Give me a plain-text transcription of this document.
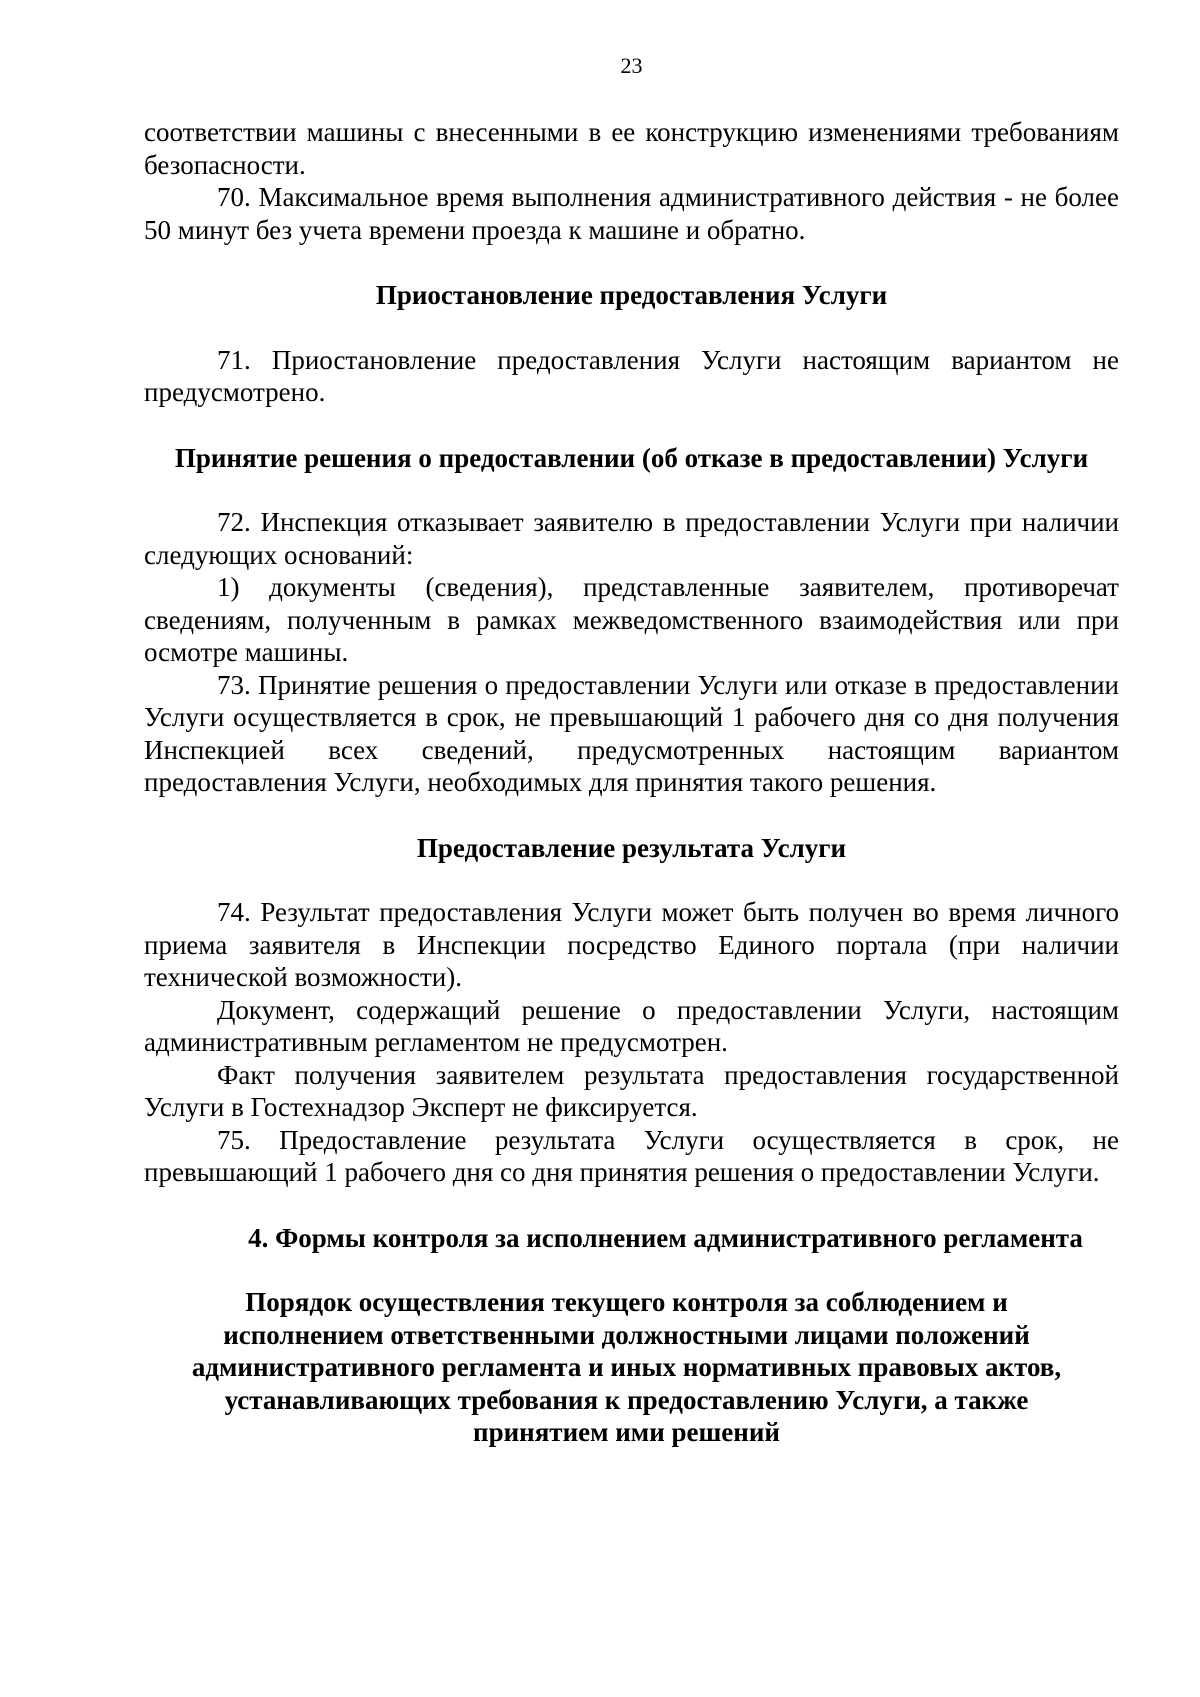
23

соответствии машины с внесенными в ее конструкцию изменениями требованиям безопасности.

70. Максимальное время выполнения административного действия - не более 50 минут без учета времени проезда к машине и обратно.

Приостановление предоставления Услуги

71. Приостановление предоставления Услуги настоящим вариантом не предусмотрено.

Принятие решения о предоставлении (об отказе в предоставлении) Услуги

72. Инспекция отказывает заявителю в предоставлении Услуги при наличии следующих оснований:

1) документы (сведения), представленные заявителем, противоречат сведениям, полученным в рамках межведомственного взаимодействия или при осмотре машины.

73. Принятие решения о предоставлении Услуги или отказе в предоставлении Услуги осуществляется в срок, не превышающий 1 рабочего дня со дня получения Инспекцией всех сведений, предусмотренных настоящим вариантом предоставления Услуги, необходимых для принятия такого решения.

Предоставление результата Услуги

74. Результат предоставления Услуги может быть получен во время личного приема заявителя в Инспекции посредство Единого портала (при наличии технической возможности).

Документ, содержащий решение о предоставлении Услуги, настоящим административным регламентом не предусмотрен.

Факт получения заявителем результата предоставления государственной Услуги в Гостехнадзор Эксперт не фиксируется.

75. Предоставление результата Услуги осуществляется в срок, не превышающий 1 рабочего дня со дня принятия решения о предоставлении Услуги.

4. Формы контроля за исполнением административного регламента
Порядок осуществления текущего контроля за соблюдением и исполнением ответственными должностными лицами положений административного регламента и иных нормативных правовых актов, устанавливающих требования к предоставлению Услуги, а также принятием ими решений
